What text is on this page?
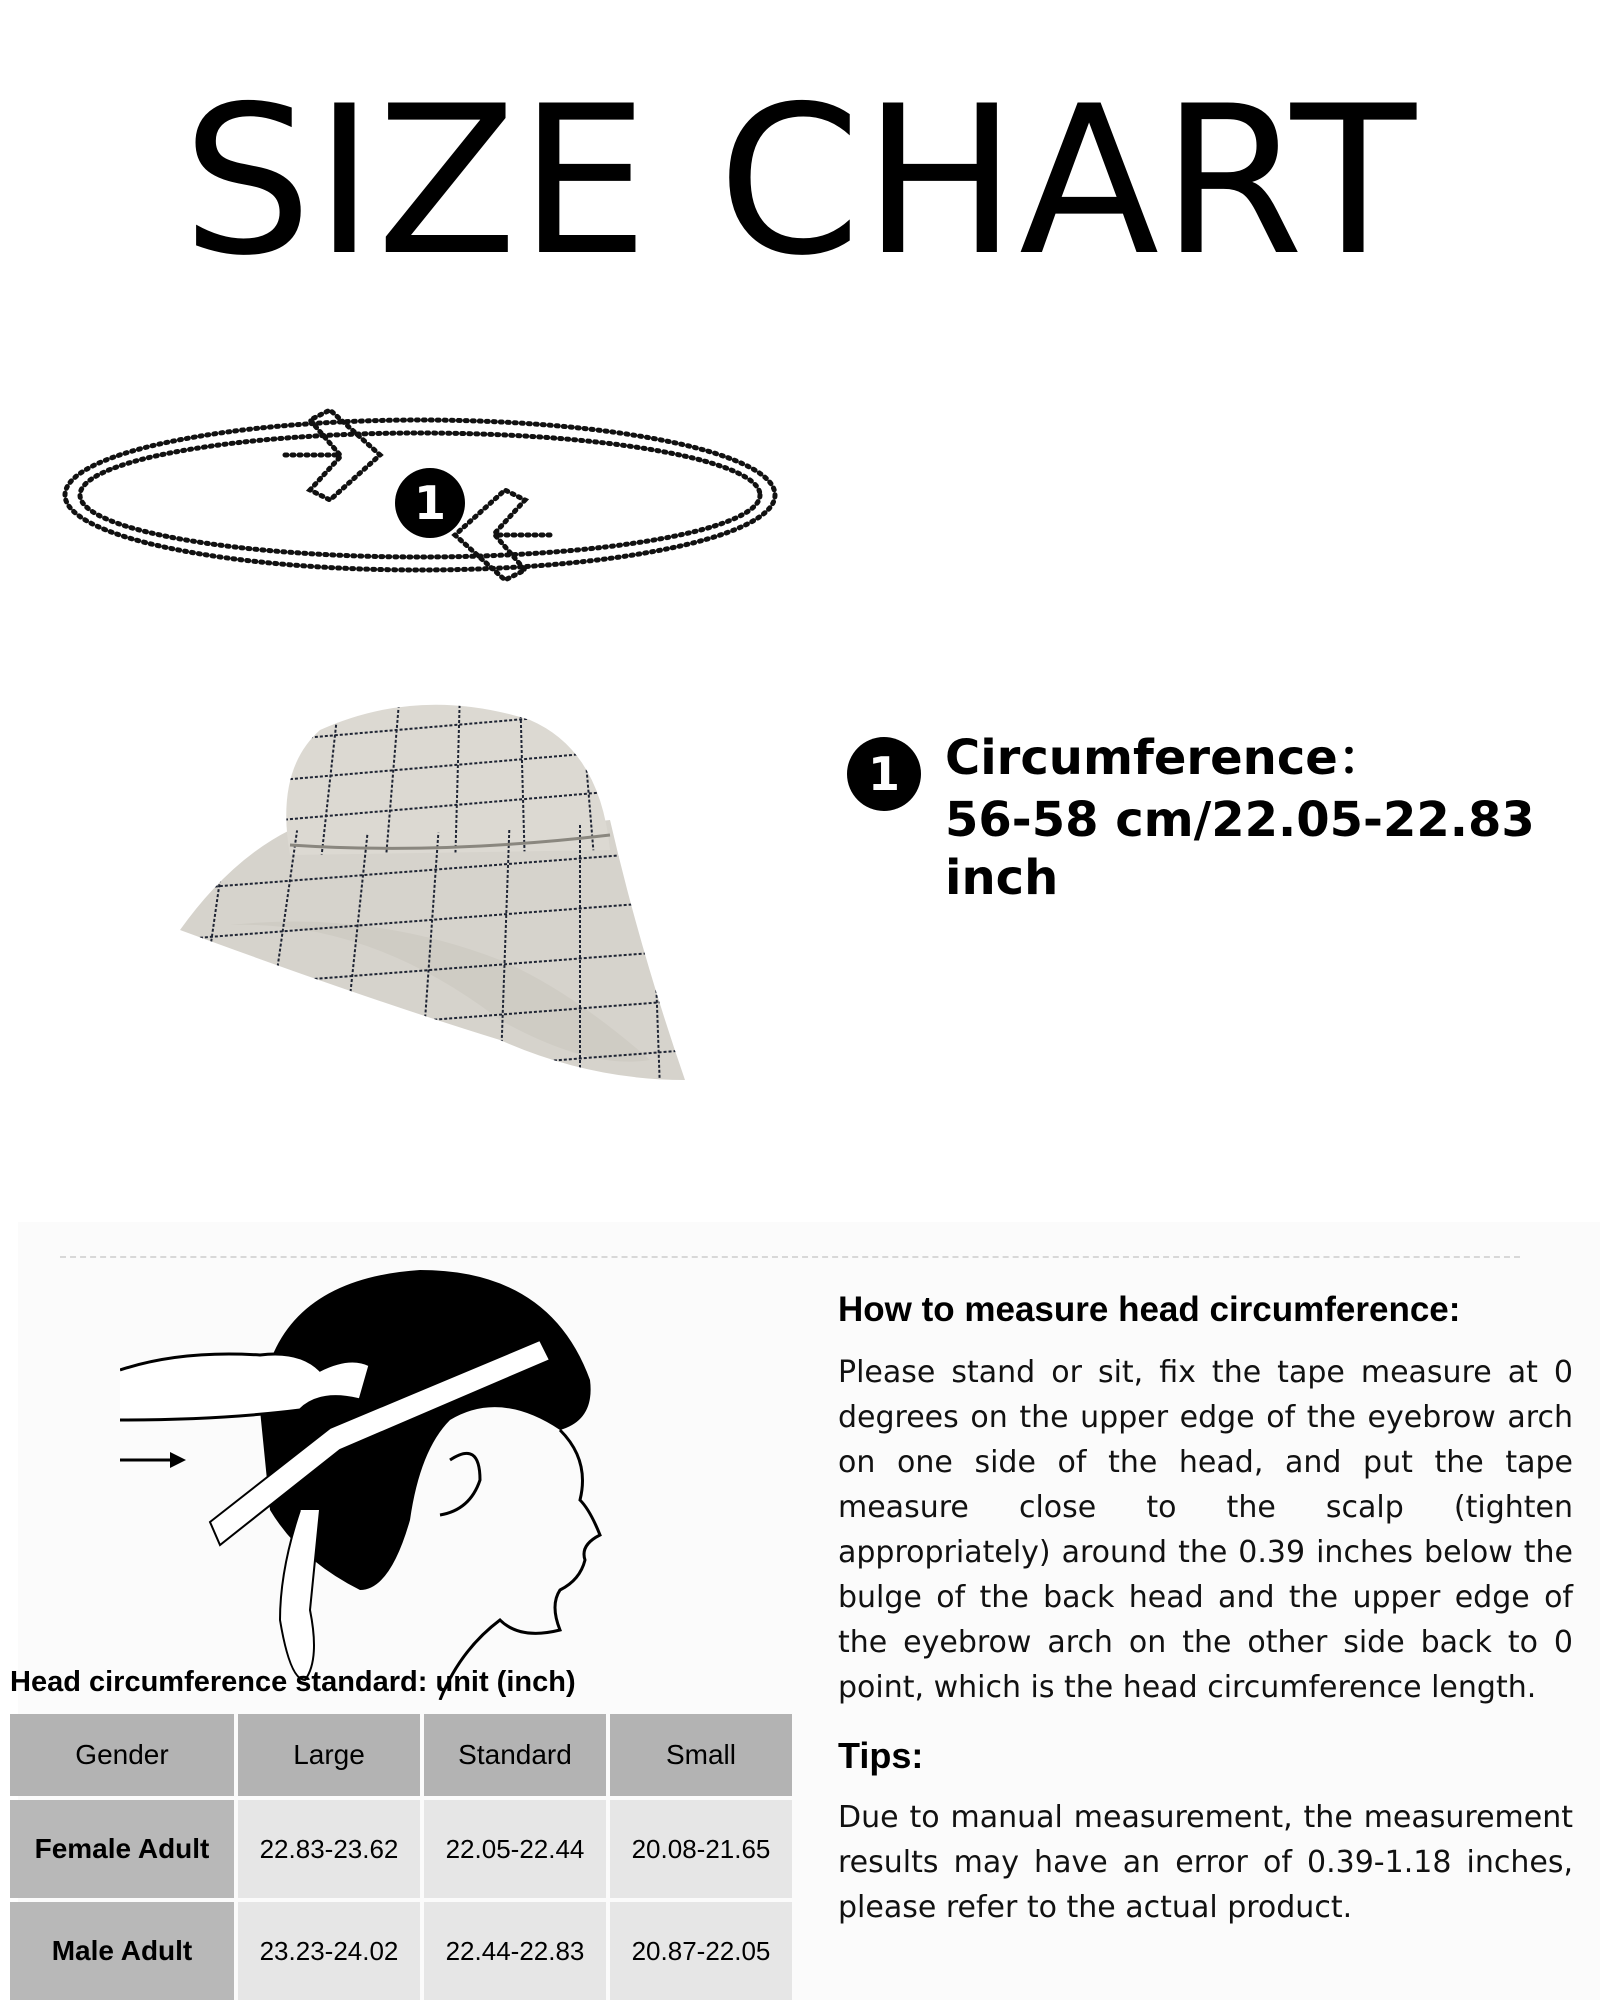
SIZE CHART
1
1 Circumference：
56-58 cm/22.05-22.83 inch
How to measure head circumference:
Please stand or sit, fix the tape measure at 0 degrees on the upper edge of the eyebrow arch on one side of the head, and put the tape measure close to the scalp (tighten appropriately) around the 0.39 inches below the bulge of the back head and the upper edge of the eyebrow arch on the other side back to 0 point, which is the head circumference length.
Tips:
Due to manual measurement, the measurement results may have an error of 0.39-1.18 inches, please refer to the actual product.
Head circumference standard: unit (inch)
Gender	Large	Standard	Small
Female Adult	22.83-23.62	22.05-22.44	20.08-21.65
Male Adult	23.23-24.02	22.44-22.83	20.87-22.05
